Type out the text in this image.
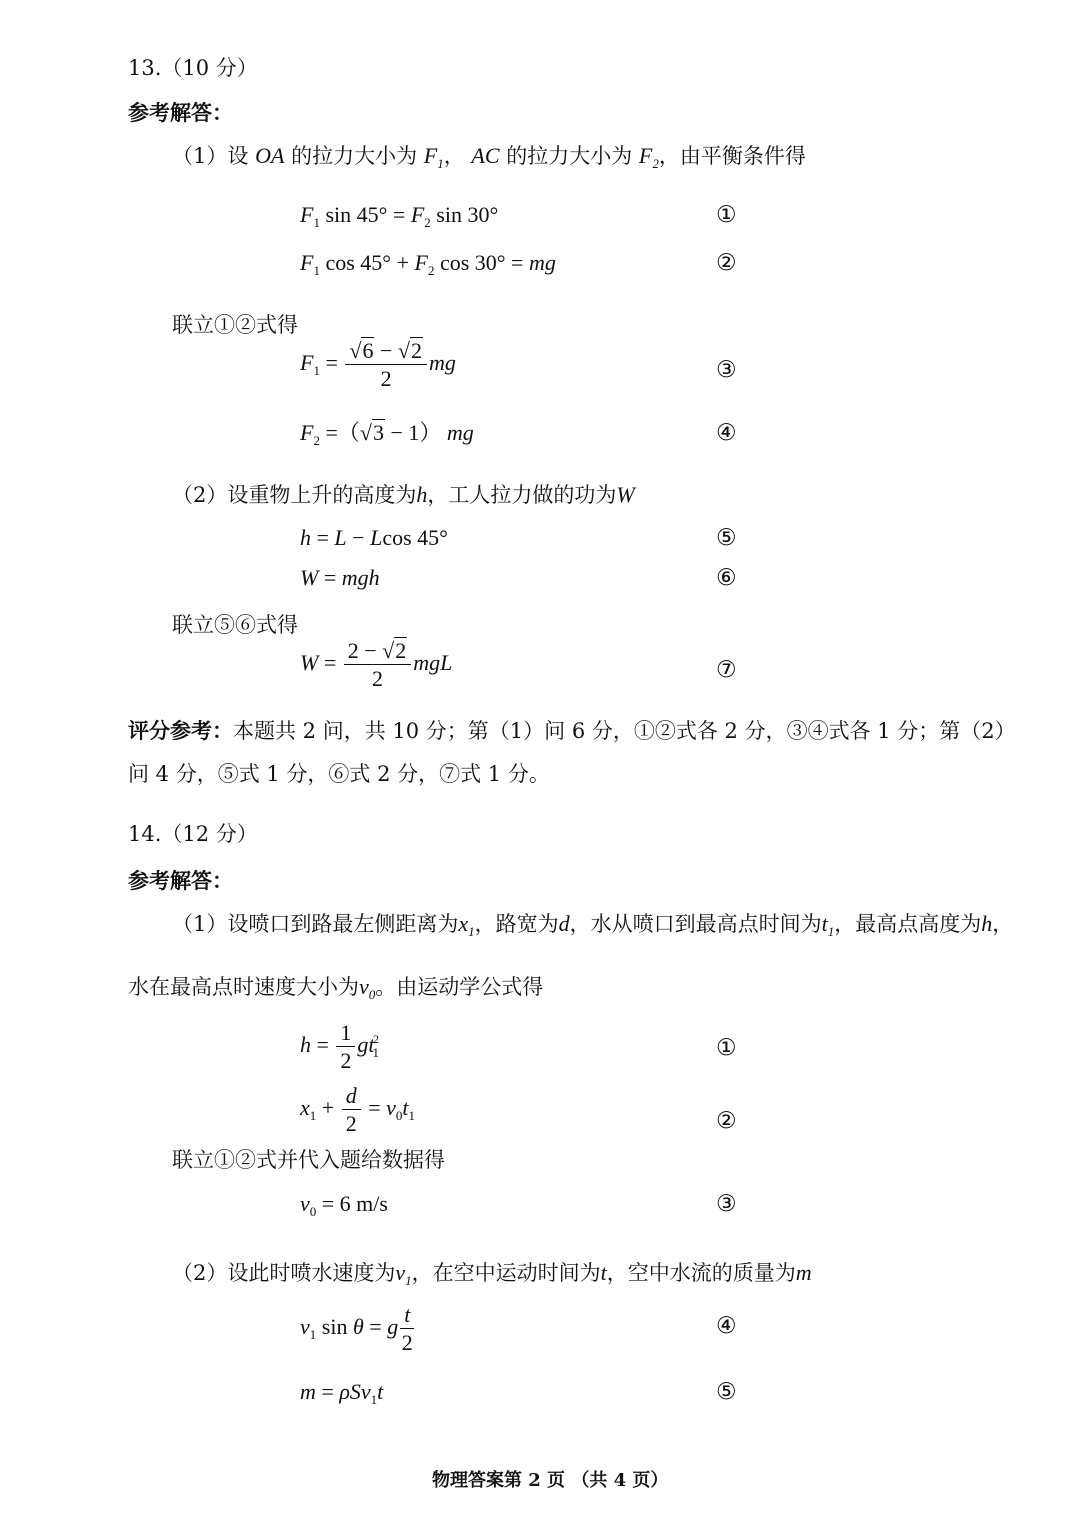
13.（10 分）
参考解答：
（1）设 OA 的拉力大小为 $F_1$， AC 的拉力大小为 $F_2$，由平衡条件得
$F_1$ $\sin 45^\circ = F_2$ sin 30°	①
$F_1$ $\cos 45^\circ + F_2$ cos 30° = mg	②
联立①②式得
$F_1 = \frac{√6 - √2}{2}$ mg	③
$F_2 =(√3 - 1)$ mg	④
（2）设重物上升的高度为h，工人拉力做的功为W
h = L − Lcos 45°	⑤
W = mgh	⑥
联立⑤⑥式得
$W = \frac{2 - √2}{2}$ mgL	⑦
评分参考：本题共 2 问，共 10 分；第（1）问 6 分，①②式各 2 分，③④式各 1 分；第（2）
问 4 分，⑤式 1 分，⑥式 2 分，⑦式 1 分。
14.（12 分）
参考解答：
（1）设喷口到路最左侧距离为$x_1$，路宽为d，水从喷口到最高点时间为$t_1$，最高点高度为h，
水在最高点时速度大小为$v_0$。由运动学公式得
$h = \frac{1}{2} gt_1^2$	①
$x_1 + \frac{d}{2} = v_0t_1$	②
联立①②式并代入题给数据得
$v_0 = 6$ m/s	③
（2）设此时喷水速度为$v_1$，在空中运动时间为t，空中水流的质量为m
$v_1$ sin θ = g $\frac{t}{2}$	④
m = ρSv$_1$t	⑤
物理答案第 2 页 （共 4 页）
